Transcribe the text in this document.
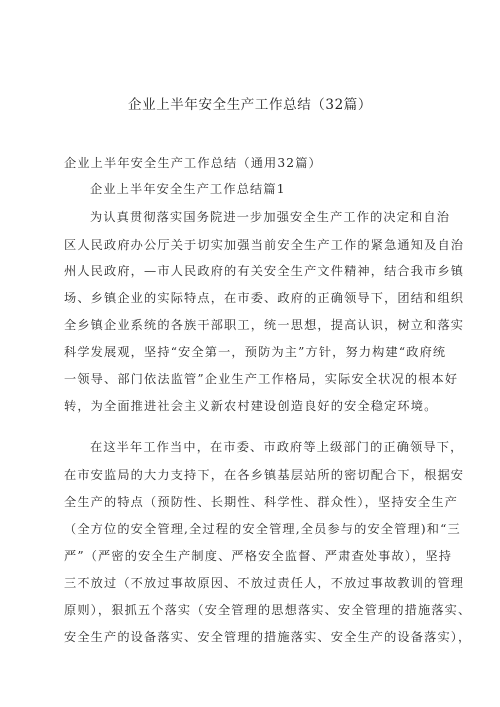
企业上半年安全生产工作总结（32篇）
企业上半年安全生产工作总结（通用32篇）
企业上半年安全生产工作总结篇1
为认真贯彻落实国务院进一步加强安全生产工作的决定和自治
区人民政府办公厅关于切实加强当前安全生产工作的紧急通知及自治
州人民政府，—市人民政府的有关安全生产文件精神，结合我市乡镇
场、乡镇企业的实际特点，在市委、政府的正确领导下，团结和组织
全乡镇企业系统的各族干部职工，统一思想，提高认识，树立和落实
科学发展观，坚持“安全第一，预防为主”方针，努力构建“政府统
一领导、部门依法监管”企业生产工作格局，实际安全状况的根本好
转，为全面推进社会主义新农村建设创造良好的安全稳定环境。
在这半年工作当中，在市委、市政府等上级部门的正确领导下，
在市安监局的大力支持下，在各乡镇基层站所的密切配合下，根据安
全生产的特点（预防性、长期性、科学性、群众性），坚持安全生产
（全方位的安全管理,全过程的安全管理,全员参与的安全管理)和“三
严”（严密的安全生产制度、严格安全监督、严肃查处事故），坚持
三不放过（不放过事故原因、不放过责任人，不放过事故教训的管理
原则），狠抓五个落实（安全管理的思想落实、安全管理的措施落实、
安全生产的设备落实、安全管理的措施落实、安全生产的设备落实），
